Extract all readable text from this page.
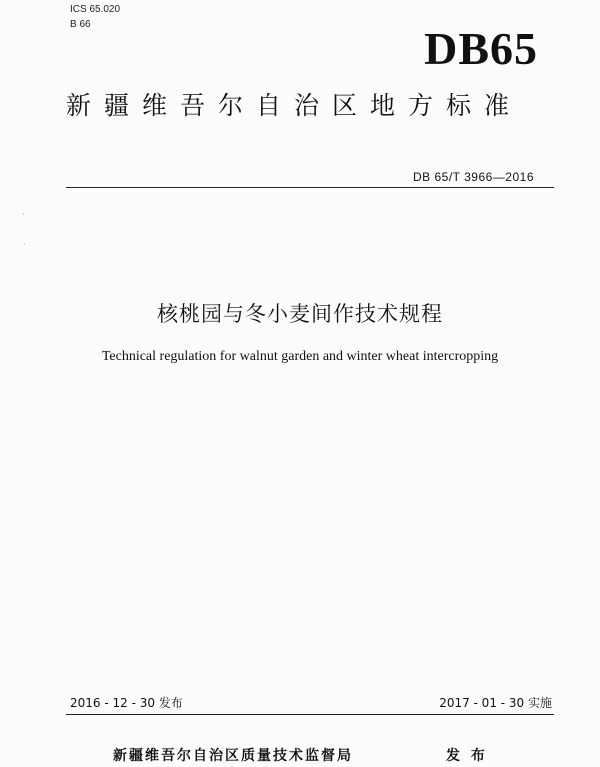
ICS 65.020
B 66	DB65
新疆维吾尔自治区地方标准
DB 65/T 3966—2016
·
·
核桃园与冬小麦间作技术规程
Technical regulation for walnut garden and winter wheat intercropping
2016 - 12 - 30 发布	2017 - 01 - 30 实施
新疆维吾尔自治区质量技术监督局	发 布
